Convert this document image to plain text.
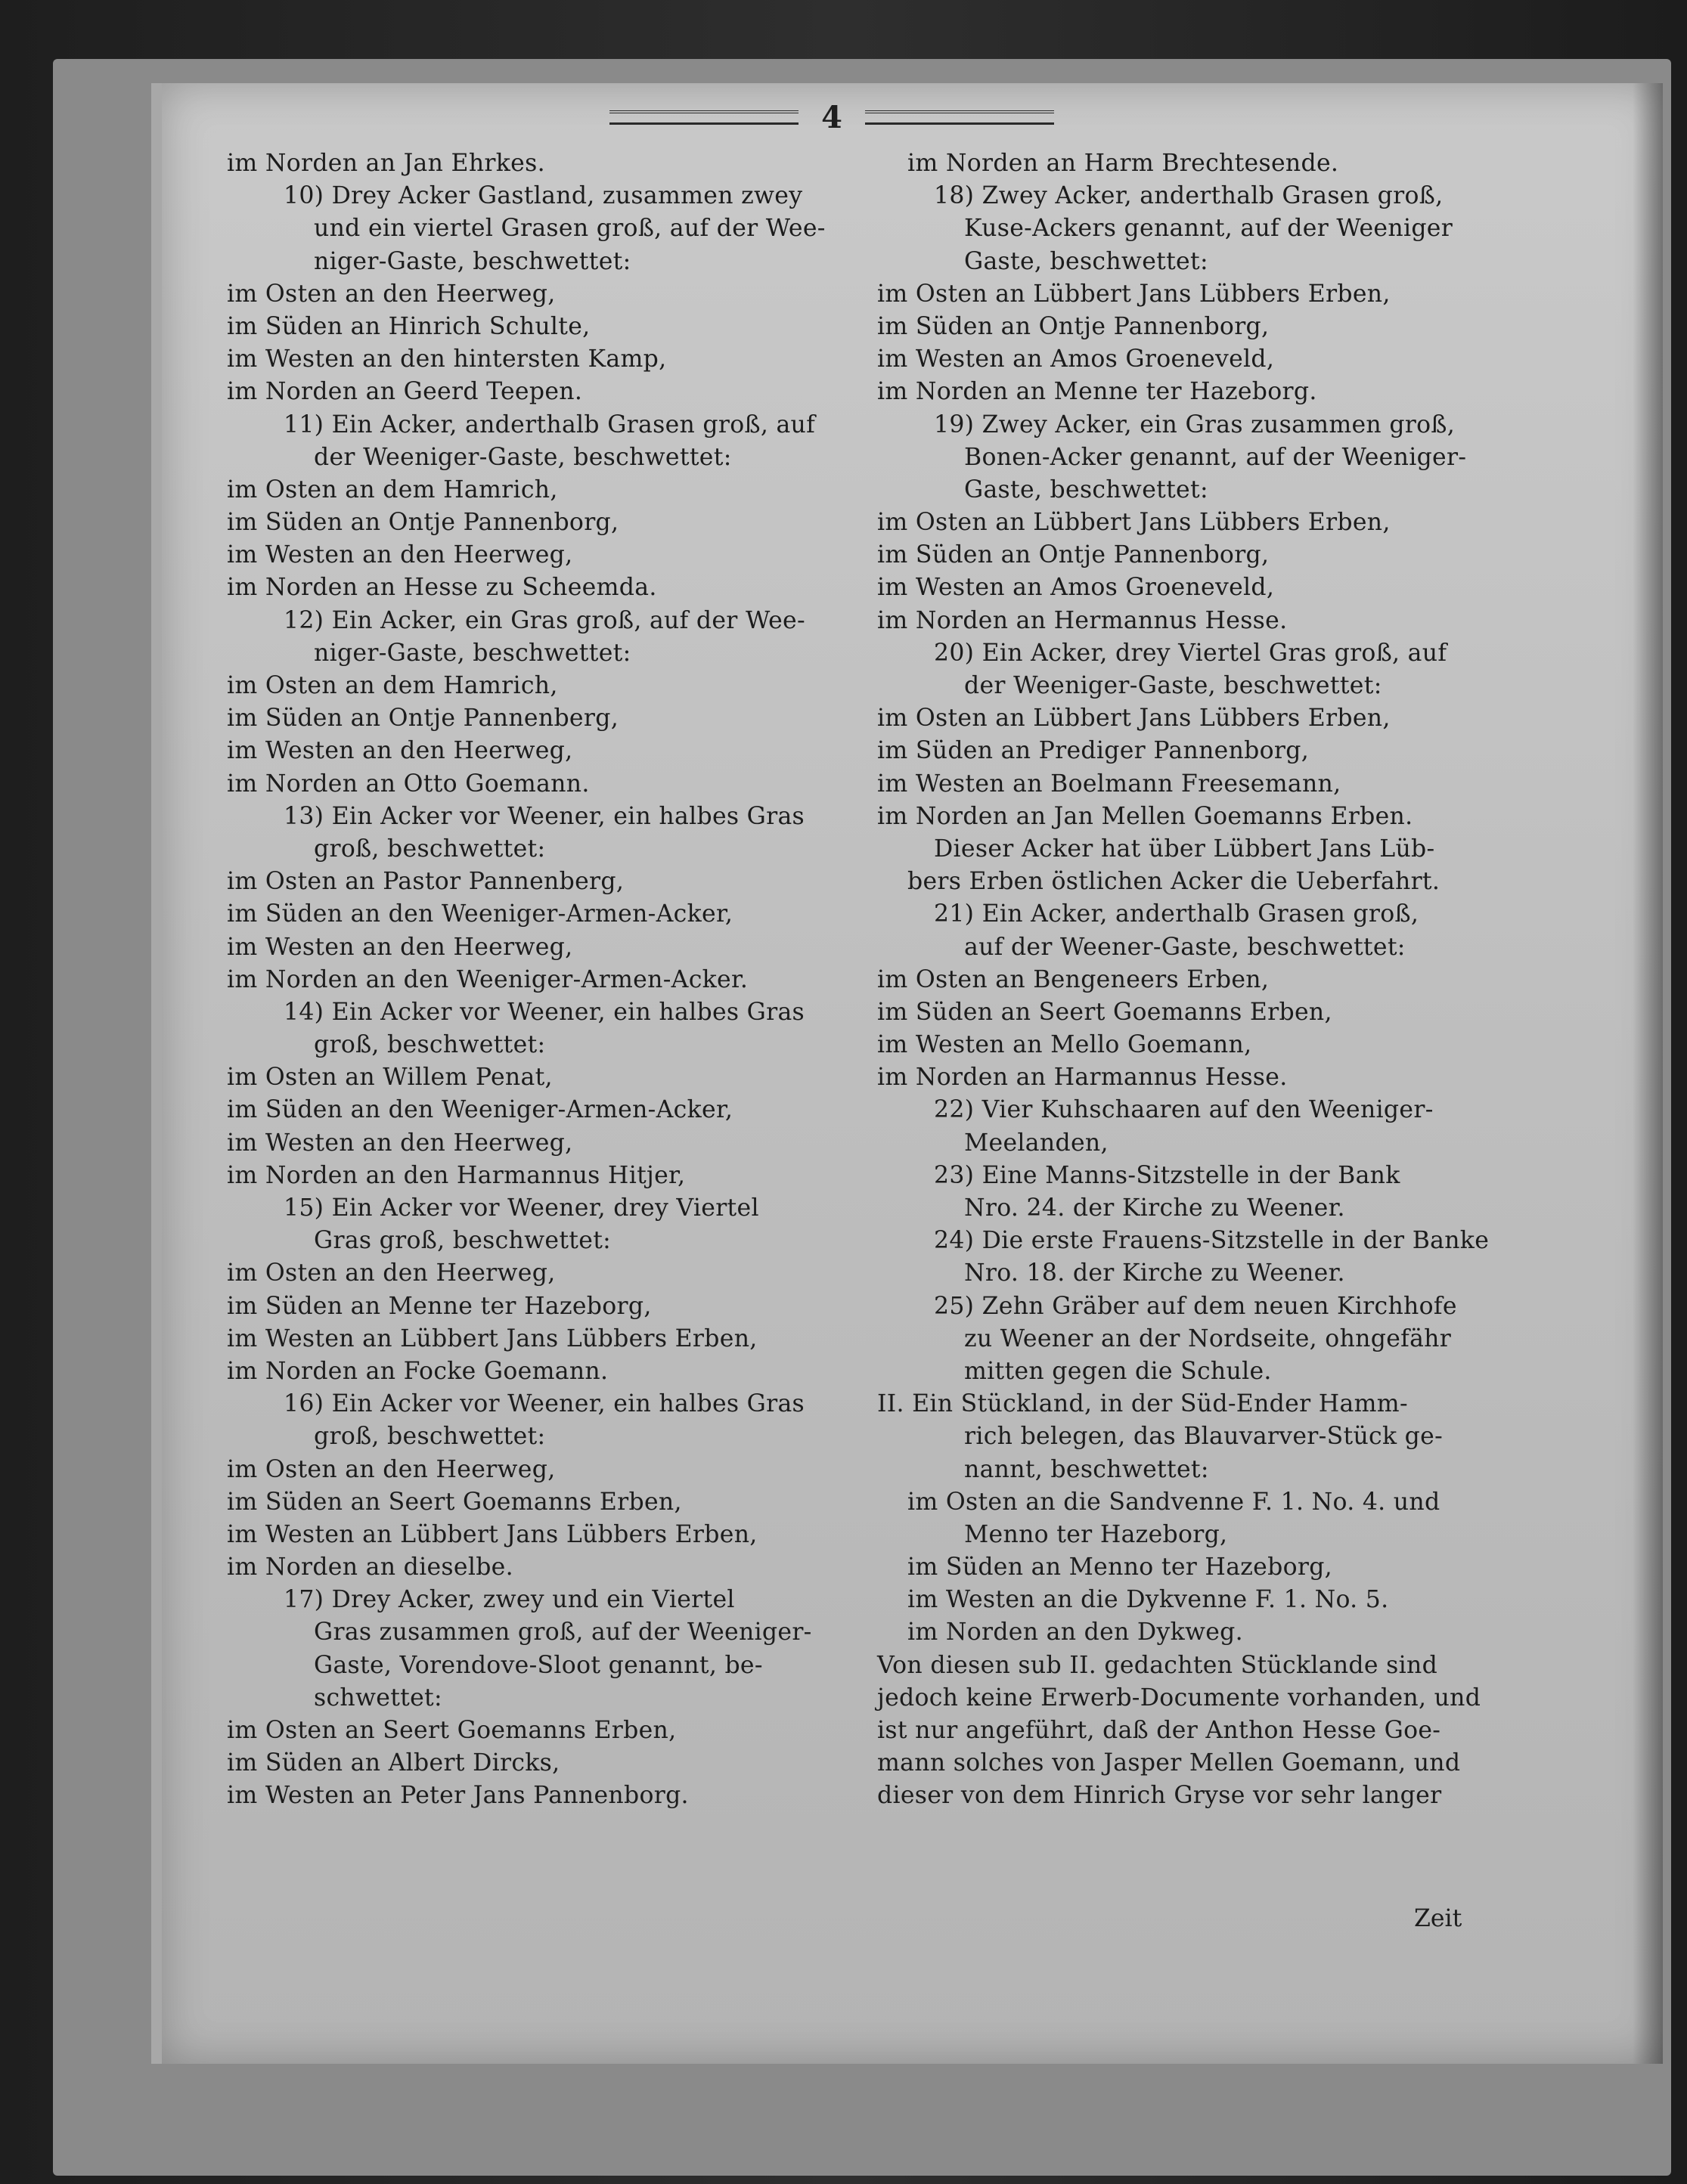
4
im Norden an Jan Ehrkes.
10) Drey Acker Gastland, zusammen zwey
und ein viertel Grasen groß, auf der Wee-
niger-Gaste, beschwettet:
im Osten an den Heerweg,
im Süden an Hinrich Schulte,
im Westen an den hintersten Kamp,
im Norden an Geerd Teepen.
11) Ein Acker, anderthalb Grasen groß, auf
der Weeniger-Gaste, beschwettet:
im Osten an dem Hamrich,
im Süden an Ontje Pannenborg,
im Westen an den Heerweg,
im Norden an Hesse zu Scheemda.
12) Ein Acker, ein Gras groß, auf der Wee-
niger-Gaste, beschwettet:
im Osten an dem Hamrich,
im Süden an Ontje Pannenberg,
im Westen an den Heerweg,
im Norden an Otto Goemann.
13) Ein Acker vor Weener, ein halbes Gras
groß, beschwettet:
im Osten an Pastor Pannenberg,
im Süden an den Weeniger-Armen-Acker,
im Westen an den Heerweg,
im Norden an den Weeniger-Armen-Acker.
14) Ein Acker vor Weener, ein halbes Gras
groß, beschwettet:
im Osten an Willem Penat,
im Süden an den Weeniger-Armen-Acker,
im Westen an den Heerweg,
im Norden an den Harmannus Hitjer,
15) Ein Acker vor Weener, drey Viertel
Gras groß, beschwettet:
im Osten an den Heerweg,
im Süden an Menne ter Hazeborg,
im Westen an Lübbert Jans Lübbers Erben,
im Norden an Focke Goemann.
16) Ein Acker vor Weener, ein halbes Gras
groß, beschwettet:
im Osten an den Heerweg,
im Süden an Seert Goemanns Erben,
im Westen an Lübbert Jans Lübbers Erben,
im Norden an dieselbe.
17) Drey Acker, zwey und ein Viertel
Gras zusammen groß, auf der Weeniger-
Gaste, Vorendove-Sloot genannt, be-
schwettet:
im Osten an Seert Goemanns Erben,
im Süden an Albert Dircks,
im Westen an Peter Jans Pannenborg.
im Norden an Harm Brechtesende.
18) Zwey Acker, anderthalb Grasen groß,
Kuse-Ackers genannt, auf der Weeniger
Gaste, beschwettet:
im Osten an Lübbert Jans Lübbers Erben,
im Süden an Ontje Pannenborg,
im Westen an Amos Groeneveld,
im Norden an Menne ter Hazeborg.
19) Zwey Acker, ein Gras zusammen groß,
Bonen-Acker genannt, auf der Weeniger-
Gaste, beschwettet:
im Osten an Lübbert Jans Lübbers Erben,
im Süden an Ontje Pannenborg,
im Westen an Amos Groeneveld,
im Norden an Hermannus Hesse.
20) Ein Acker, drey Viertel Gras groß, auf
der Weeniger-Gaste, beschwettet:
im Osten an Lübbert Jans Lübbers Erben,
im Süden an Prediger Pannenborg,
im Westen an Boelmann Freesemann,
im Norden an Jan Mellen Goemanns Erben.
Dieser Acker hat über Lübbert Jans Lüb-
bers Erben östlichen Acker die Ueberfahrt.
21) Ein Acker, anderthalb Grasen groß,
auf der Weener-Gaste, beschwettet:
im Osten an Bengeneers Erben,
im Süden an Seert Goemanns Erben,
im Westen an Mello Goemann,
im Norden an Harmannus Hesse.
22) Vier Kuhschaaren auf den Weeniger-
Meelanden,
23) Eine Manns-Sitzstelle in der Bank
Nro. 24. der Kirche zu Weener.
24) Die erste Frauens-Sitzstelle in der Banke
Nro. 18. der Kirche zu Weener.
25) Zehn Gräber auf dem neuen Kirchhofe
zu Weener an der Nordseite, ohngefähr
mitten gegen die Schule.
II. Ein Stückland, in der Süd-Ender Hamm-
rich belegen, das Blauvarver-Stück ge-
nannt, beschwettet:
im Osten an die Sandvenne F. 1. No. 4. und
Menno ter Hazeborg,
im Süden an Menno ter Hazeborg,
im Westen an die Dykvenne F. 1. No. 5.
im Norden an den Dykweg.
Von diesen sub II. gedachten Stücklande sind
jedoch keine Erwerb-Documente vorhanden, und
ist nur angeführt, daß der Anthon Hesse Goe-
mann solches von Jasper Mellen Goemann, und
dieser von dem Hinrich Gryse vor sehr langer
Zeit
